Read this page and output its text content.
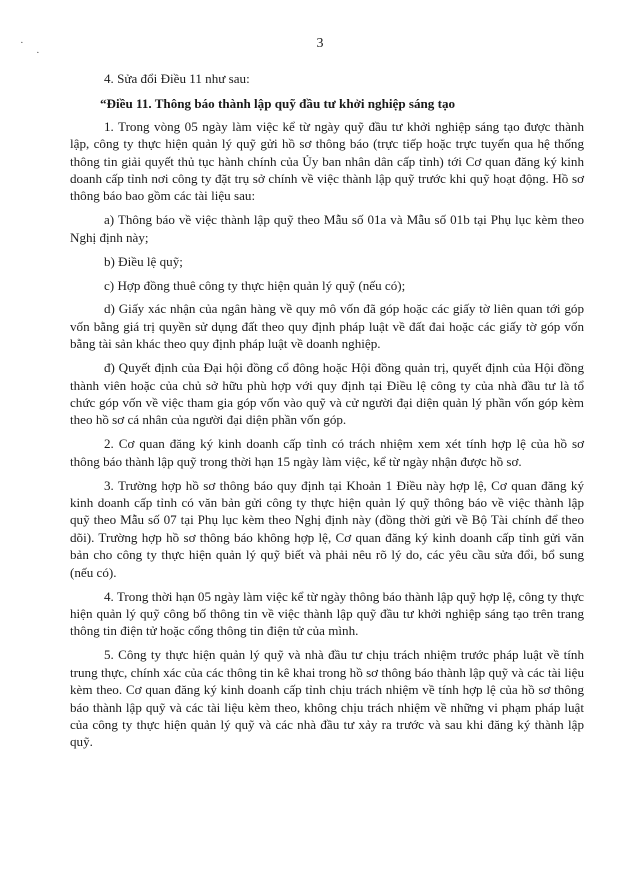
·
·
3

4. Sửa đổi Điều 11 như sau:

“Điều 11. Thông báo thành lập quỹ đầu tư khởi nghiệp sáng tạo

1. Trong vòng 05 ngày làm việc kể từ ngày quỹ đầu tư khởi nghiệp sáng tạo được thành lập, công ty thực hiện quản lý quỹ gửi hồ sơ thông báo (trực tiếp hoặc trực tuyến qua hệ thống thông tin giải quyết thủ tục hành chính của Ủy ban nhân dân cấp tỉnh) tới Cơ quan đăng ký kinh doanh cấp tỉnh nơi công ty đặt trụ sở chính về việc thành lập quỹ trước khi quỹ hoạt động. Hồ sơ thông báo bao gồm các tài liệu sau:

a) Thông báo về việc thành lập quỹ theo Mẫu số 01a và Mẫu số 01b tại Phụ lục kèm theo Nghị định này;

b) Điều lệ quỹ;

c) Hợp đồng thuê công ty thực hiện quản lý quỹ (nếu có);

d) Giấy xác nhận của ngân hàng về quy mô vốn đã góp hoặc các giấy tờ liên quan tới góp vốn bằng giá trị quyền sử dụng đất theo quy định pháp luật về đất đai hoặc các giấy tờ góp vốn bằng tài sản khác theo quy định pháp luật về doanh nghiệp.

đ) Quyết định của Đại hội đồng cổ đông hoặc Hội đồng quản trị, quyết định của Hội đồng thành viên hoặc của chủ sở hữu phù hợp với quy định tại Điều lệ công ty của nhà đầu tư là tổ chức góp vốn về việc tham gia góp vốn vào quỹ và cử người đại diện quản lý phần vốn góp kèm theo hồ sơ cá nhân của người đại diện phần vốn góp.

2. Cơ quan đăng ký kinh doanh cấp tỉnh có trách nhiệm xem xét tính hợp lệ của hồ sơ thông báo thành lập quỹ trong thời hạn 15 ngày làm việc, kể từ ngày nhận được hồ sơ.

3. Trường hợp hồ sơ thông báo quy định tại Khoản 1 Điều này hợp lệ, Cơ quan đăng ký kinh doanh cấp tỉnh có văn bản gửi công ty thực hiện quản lý quỹ thông báo về việc thành lập quỹ theo Mẫu số 07 tại Phụ lục kèm theo Nghị định này (đồng thời gửi về Bộ Tài chính để theo dõi). Trường hợp hồ sơ thông báo không hợp lệ, Cơ quan đăng ký kinh doanh cấp tỉnh gửi văn bản cho công ty thực hiện quản lý quỹ biết và phải nêu rõ lý do, các yêu cầu sửa đổi, bổ sung (nếu có).

4. Trong thời hạn 05 ngày làm việc kể từ ngày thông báo thành lập quỹ hợp lệ, công ty thực hiện quản lý quỹ công bố thông tin về việc thành lập quỹ đầu tư khởi nghiệp sáng tạo trên trang thông tin điện tử hoặc cổng thông tin điện tử của mình.

5. Công ty thực hiện quản lý quỹ và nhà đầu tư chịu trách nhiệm trước pháp luật về tính trung thực, chính xác của các thông tin kê khai trong hồ sơ thông báo thành lập quỹ và các tài liệu kèm theo. Cơ quan đăng ký kinh doanh cấp tỉnh chịu trách nhiệm về tính hợp lệ của hồ sơ thông báo thành lập quỹ và các tài liệu kèm theo, không chịu trách nhiệm về những vi phạm pháp luật của công ty thực hiện quản lý quỹ và các nhà đầu tư xảy ra trước và sau khi đăng ký thành lập quỹ.
